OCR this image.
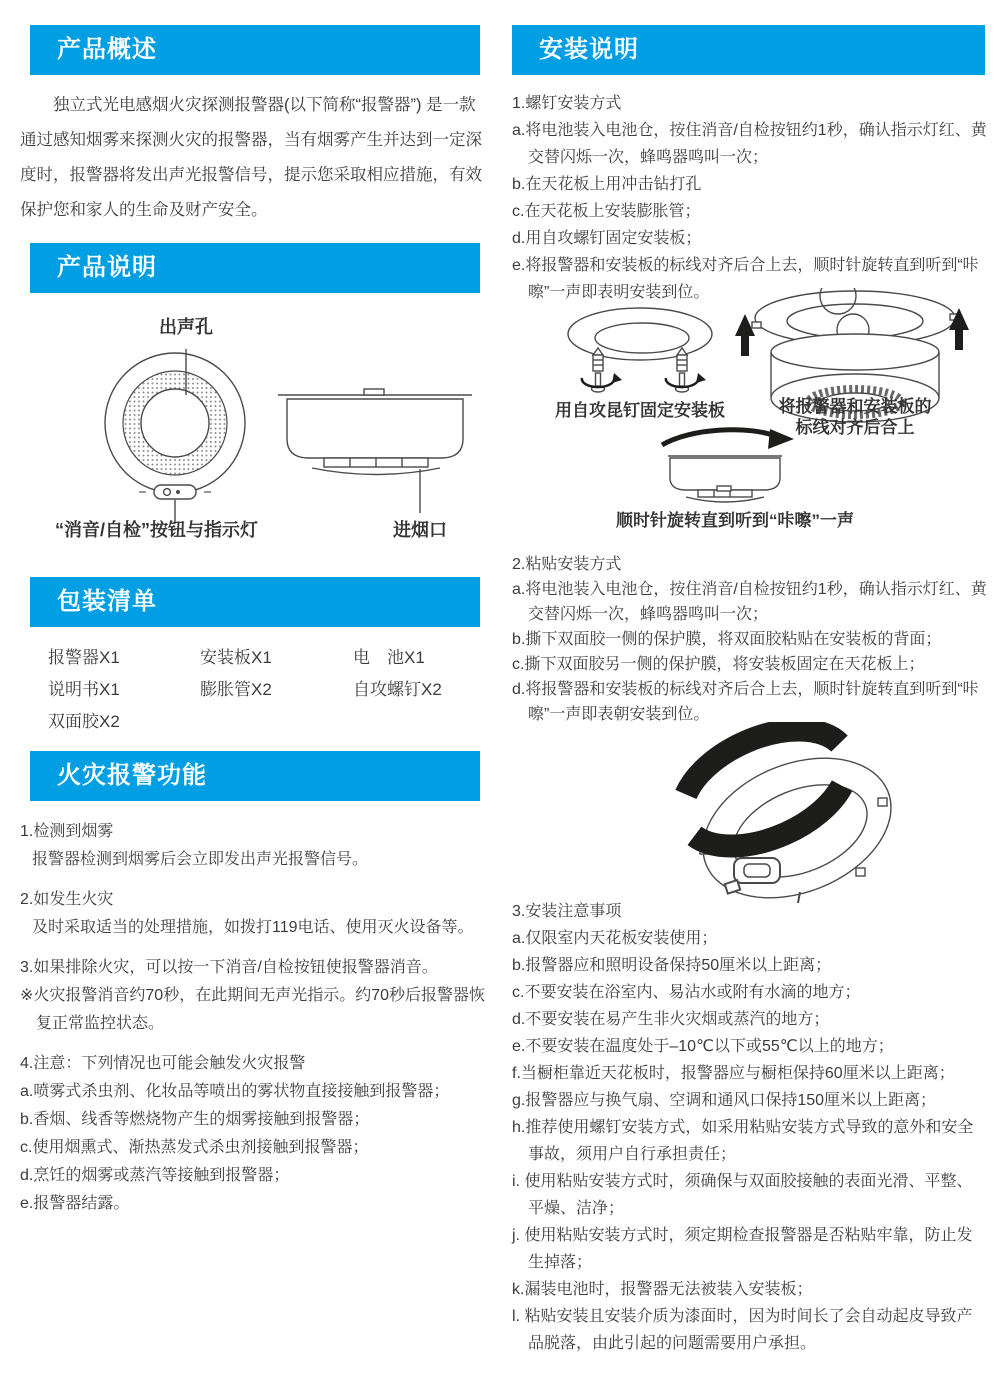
产品概述

独立式光电感烟火灾探测报警器(以下简称“报警器”) 是一款通过感知烟雾来探测火灾的报警器，当有烟雾产生并达到一定深度时，报警器将发出声光报警信号，提示您采取相应措施，有效保护您和家人的生命及财产安全。

产品说明
出声孔
“消音/自检”按钮与指示灯	进烟口
包装清单
报警器X1	安装板X1	电　池X1
说明书X1	膨胀管X2	自攻螺钉X2
双面胶X2
火灾报警功能
1.检测到烟雾
报警器检测到烟雾后会立即发出声光报警信号。
2.如发生火灾
及时采取适当的处理措施，如拨打119电话、使用灭火设备等。
3.如果排除火灾，可以按一下消音/自检按钮使报警器消音。
※火灾报警消音约70秒，在此期间无声光指示。约70秒后报警器恢复正常监控状态。
4.注意：下列情况也可能会触发火灾报警
a.喷雾式杀虫剂、化妆品等喷出的雾状物直接接触到报警器；
b.香烟、线香等燃烧物产生的烟雾接触到报警器；
c.使用烟熏式、渐热蒸发式杀虫剂接触到报警器；
d.烹饪的烟雾或蒸汽等接触到报警器；
e.报警器结露。
安装说明
1.螺钉安装方式
a.将电池装入电池仓，按住消音/自检按钮约1秒，确认指示灯红、黄交替闪烁一次，蜂鸣器鸣叫一次；
b.在天花板上用冲击钻打孔
c.在天花板上安装膨胀管；
d.用自攻螺钉固定安装板；
e.将报警器和安装板的标线对齐后合上去，顺时针旋转直到听到“咔嚓”一声即表明安装到位。
用自攻昆钉固定安装板	将报警器和安装板的
标线对齐后合上
顺时针旋转直到听到“咔嚓”一声
2.粘贴安装方式
a.将电池装入电池仓，按住消音/自检按钮约1秒，确认指示灯红、黄交替闪烁一次，蜂鸣器鸣叫一次；
b.撕下双面胶一侧的保护膜，将双面胶粘贴在安装板的背面；
c.撕下双面胶另一侧的保护膜，将安装板固定在天花板上；
d.将报警器和安装板的标线对齐后合上去，顺时针旋转直到听到“咔嚓”一声即表朝安装到位。
3.安装注意事项
a.仅限室内天花板安装使用；
b.报警器应和照明设备保持50厘米以上距离；
c.不要安装在浴室内、易沾水或附有水滴的地方；
d.不要安装在易产生非火灾烟或蒸汽的地方；
e.不要安装在温度处于–10℃以下或55℃以上的地方；
f.当橱柜靠近天花板时，报警器应与橱柜保持60厘米以上距离；
g.报警器应与换气扇、空调和通风口保持150厘米以上距离；
h.推荐使用螺钉安装方式，如采用粘贴安装方式导致的意外和安全事故，须用户自行承担责任；
i. 使用粘贴安装方式时，须确保与双面胶接触的表面光滑、平整、平燥、洁净；
j. 使用粘贴安装方式时，须定期检查报警器是否粘贴牢靠，防止发生掉落；
k.漏装电池时，报警器无法被装入安装板；
l. 粘贴安装且安装介质为漆面时，因为时间长了会自动起皮导致产品脱落，由此引起的问题需要用户承担。
